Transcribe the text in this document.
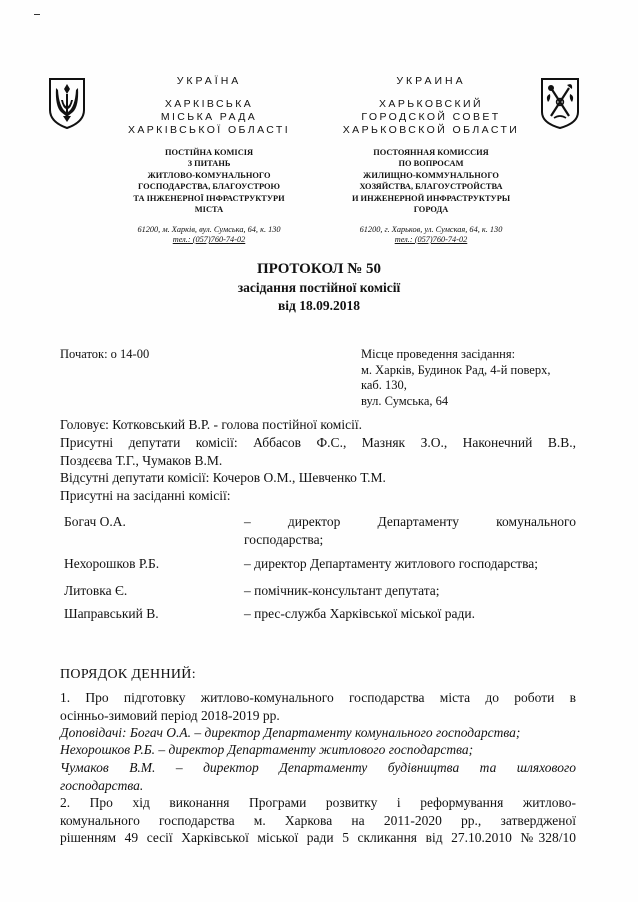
УКРАЇНА
ХАРКІВСЬКА
МІСЬКА РАДА
ХАРКІВСЬКОЇ ОБЛАСТІ
ПОСТІЙНА КОМІСІЯ
З ПИТАНЬ
ЖИТЛОВО-КОМУНАЛЬНОГО
ГОСПОДАРСТВА, БЛАГОУСТРОЮ
ТА ІНЖЕНЕРНОЇ ІНФРАСТРУКТУРИ
МІСТА
61200, м. Харків, вул. Сумська, 64, к. 130
тел.: (057)760-74-02
УКРАИНА
ХАРЬКОВСКИЙ
ГОРОДСКОЙ СОВЕТ
ХАРЬКОВСКОЙ ОБЛАСТИ
ПОСТОЯННАЯ КОМИССИЯ
ПО ВОПРОСАМ
ЖИЛИЩНО-КОММУНАЛЬНОГО
ХОЗЯЙСТВА, БЛАГОУСТРОЙСТВА
И ИНЖЕНЕРНОЙ ИНФРАСТРУКТУРЫ
ГОРОДА
61200, г. Харьков, ул. Сумская, 64, к. 130
тел.: (057)760-74-02
ПРОТОКОЛ № 50
засідання постійної комісії
від 18.09.2018
Початок: о 14-00	Місце проведення засідання:
м. Харків, Будинок Рад, 4-й поверх,
каб. 130,
вул. Сумська, 64
Головує: Котковський В.Р. - голова постійної комісії.
Присутні депутати комісії: Аббасов Ф.С., Мазняк З.О., Наконечний В.В.,
Поздєєва Т.Г., Чумаков В.М.
Відсутні депутати комісії: Кочеров О.М., Шевченко Т.М.
Присутні на засіданні комісії:
Богач О.А.	– директор Департаменту комунального
господарства;
Нехорошков Р.Б.	– директор Департаменту житлового господарства;
Литовка Є.	– помічник-консультант депутата;
Шаправський В.	– прес-служба Харківської міської ради.
ПОРЯДОК ДЕННИЙ:
1. Про підготовку житлово-комунального господарства міста до роботи в
осінньо-зимовий період 2018-2019 рр.
Доповідачі: Богач О.А. – директор Департаменту комунального господарства;
Нехорошков Р.Б. – директор Департаменту житлового господарства;
Чумаков В.М. – директор Департаменту будівництва та шляхового
господарства.
2. Про хід виконання Програми розвитку і реформування житлово-
комунального господарства м. Харкова на 2011-2020 рр., затвердженої
рішенням 49 сесії Харківської міської ради 5 скликання від 27.10.2010 №328/10
